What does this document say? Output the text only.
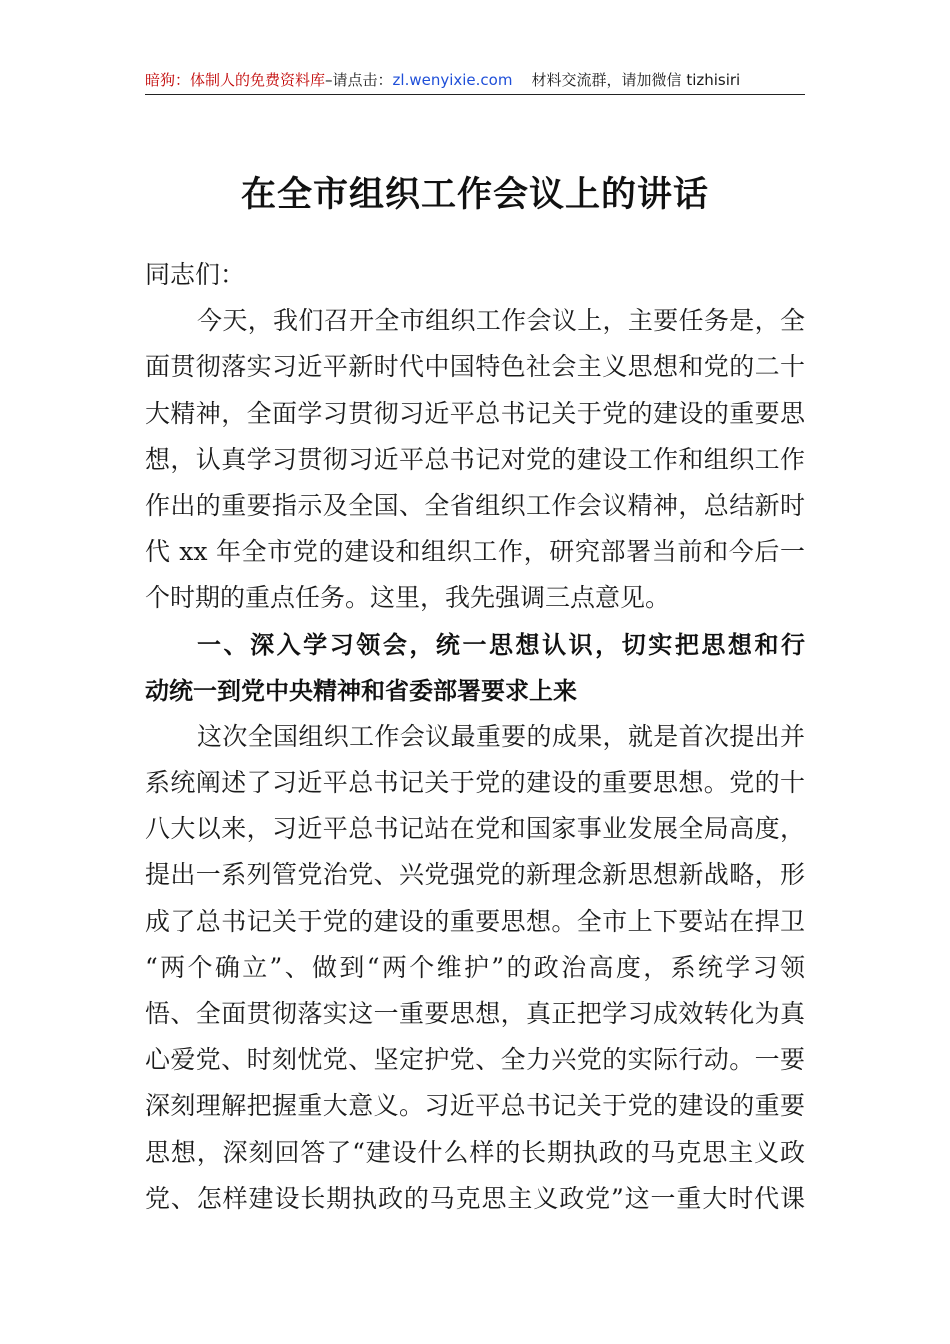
暗狗：体制人的免费资料库–请点击：zl.wenyixie.com 材料交流群，请加微信 tizhisiri
在全市组织工作会议上的讲话
同志们：
今天，我们召开全市组织工作会议上，主要任务是，全
面贯彻落实习近平新时代中国特色社会主义思想和党的二十
大精神，全面学习贯彻习近平总书记关于党的建设的重要思
想，认真学习贯彻习近平总书记对党的建设工作和组织工作
作出的重要指示及全国、全省组织工作会议精神，总结新时
代 xx 年全市党的建设和组织工作，研究部署当前和今后一
个时期的重点任务。这里，我先强调三点意见。
一、深入学习领会，统一思想认识，切实把思想和行
动统一到党中央精神和省委部署要求上来
这次全国组织工作会议最重要的成果，就是首次提出并
系统阐述了习近平总书记关于党的建设的重要思想。党的十
八大以来，习近平总书记站在党和国家事业发展全局高度，
提出一系列管党治党、兴党强党的新理念新思想新战略，形
成了总书记关于党的建设的重要思想。全市上下要站在捍卫
“两个确立”、做到“两个维护”的政治高度，系统学习领
悟、全面贯彻落实这一重要思想，真正把学习成效转化为真
心爱党、时刻忧党、坚定护党、全力兴党的实际行动。一要
深刻理解把握重大意义。习近平总书记关于党的建设的重要
思想，深刻回答了“建设什么样的长期执政的马克思主义政
党、怎样建设长期执政的马克思主义政党”这一重大时代课
